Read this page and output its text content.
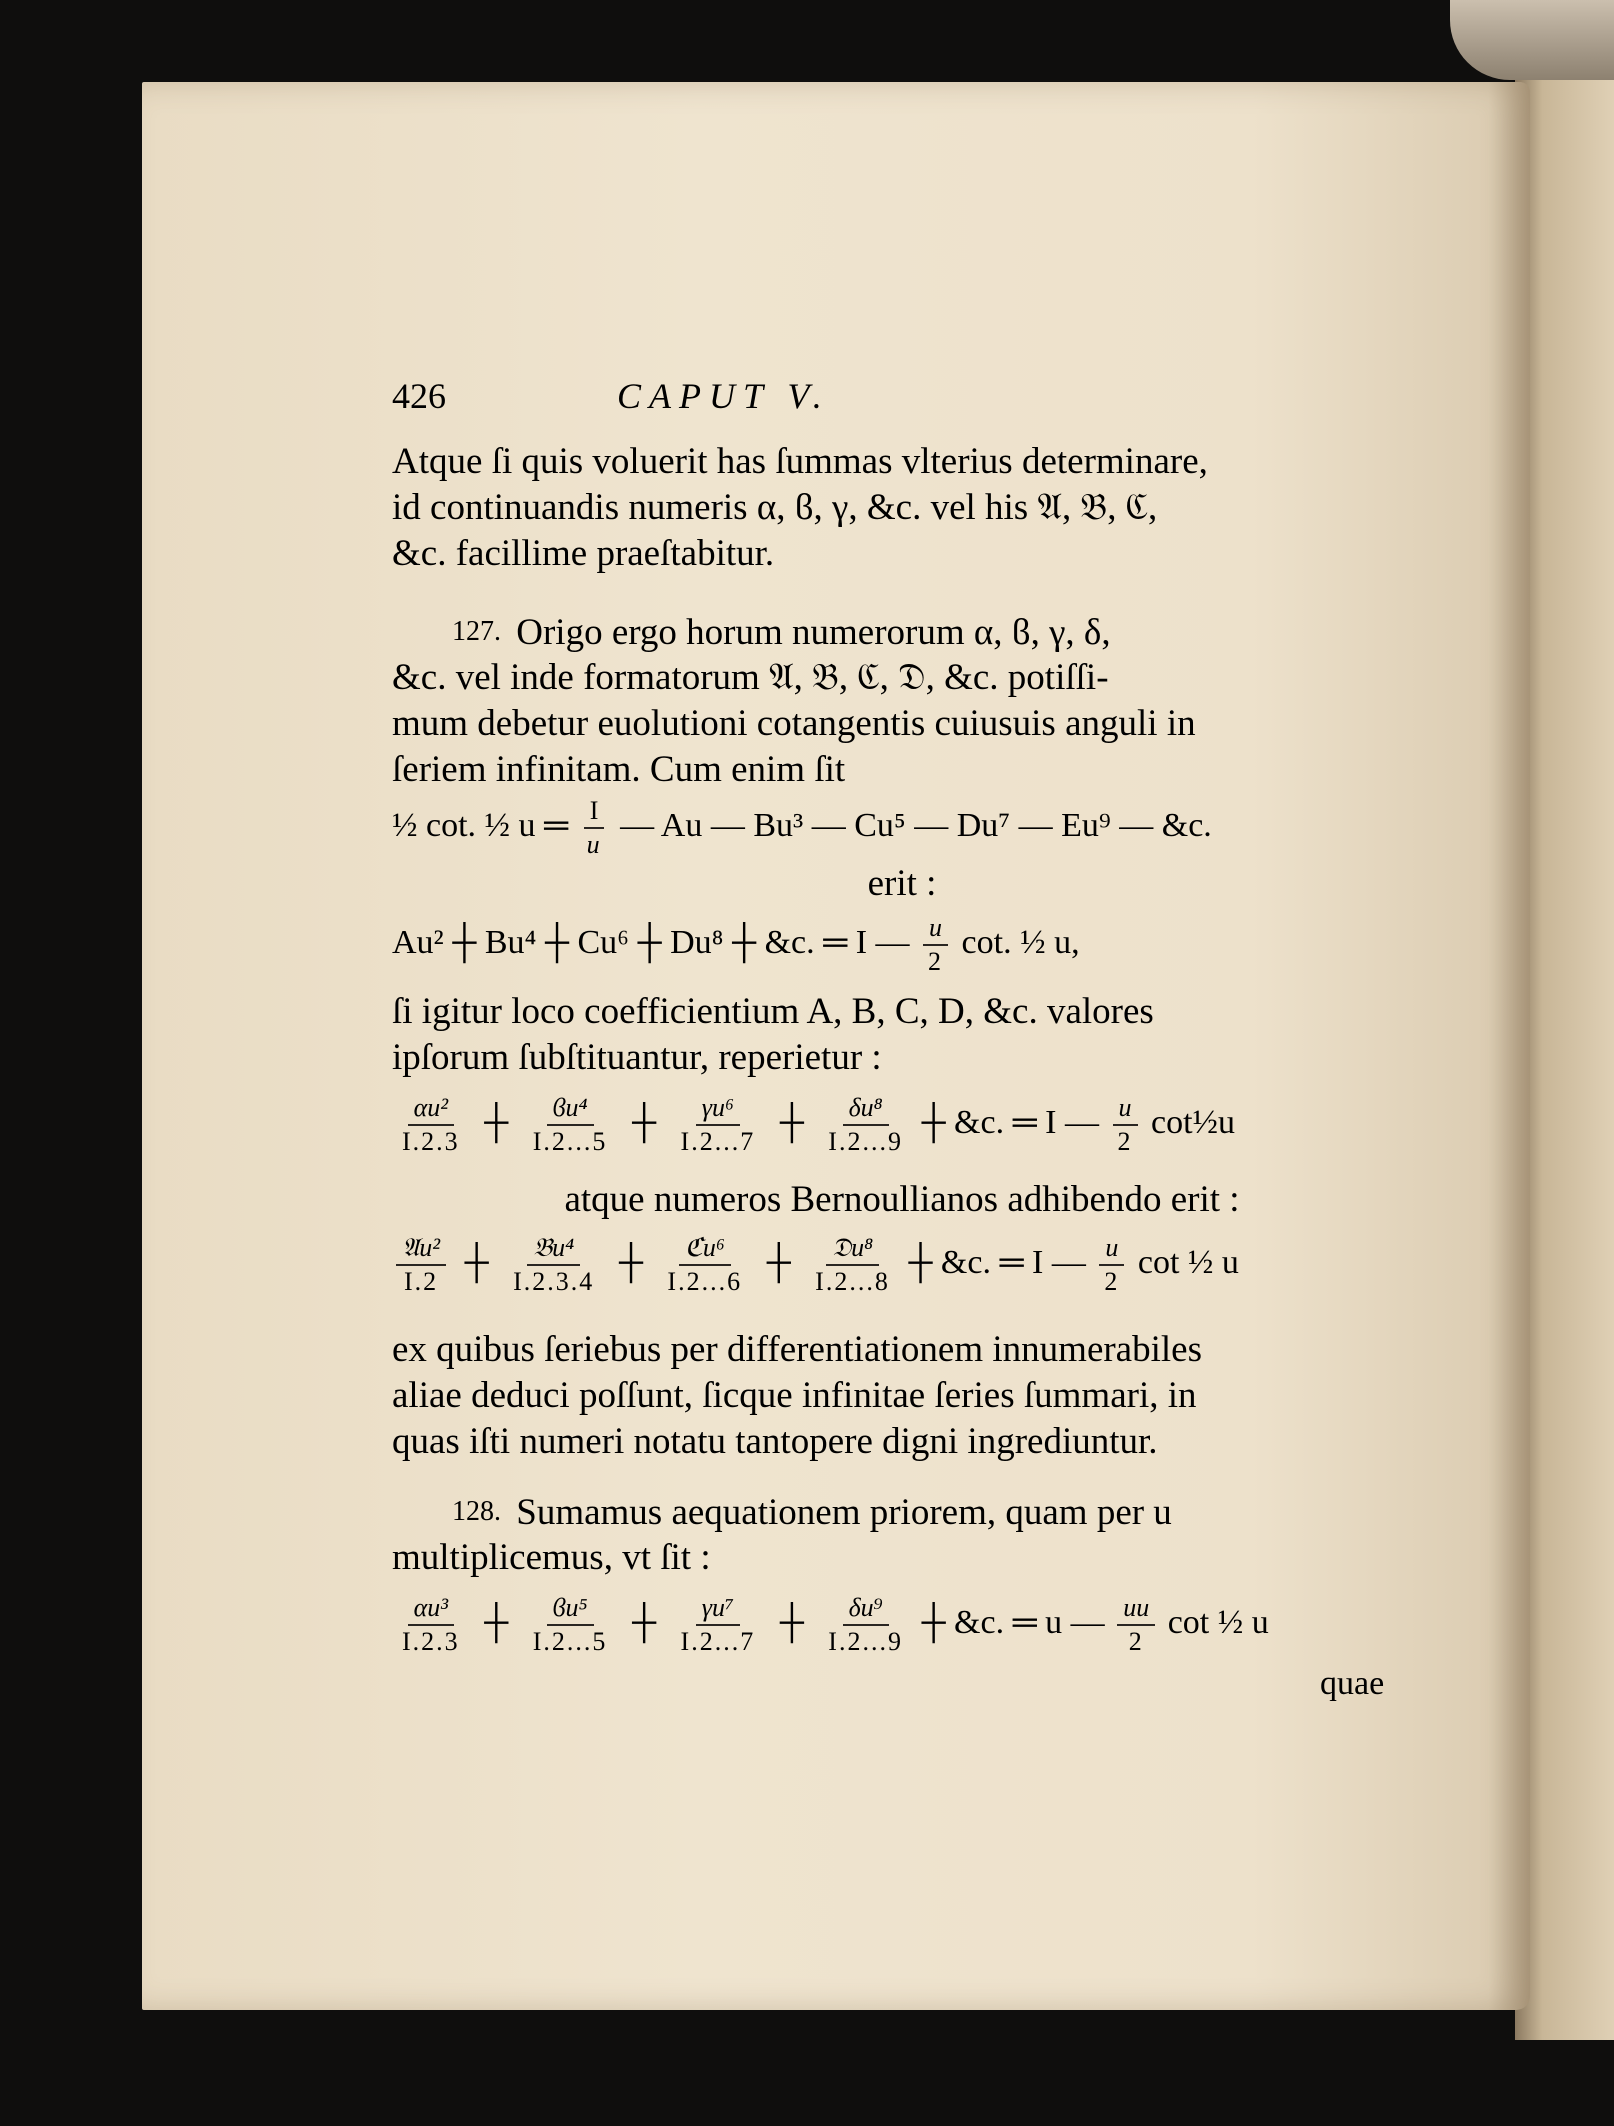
426	CAPUT V.
Atque ſi quis voluerit has ſummas vlterius determinare,
id continuandis numeris α, ϐ, γ, &c. vel his 𝔄, 𝔅, ℭ,
&c. facillime praeſtabitur.
127. Origo ergo horum numerorum α, ϐ, γ, δ,
&c. vel inde formatorum 𝔄, 𝔅, ℭ, 𝔇, &c. potiſſi-
mum debetur euolutioni cotangentis cuiusuis anguli in
ſeriem infinitam. Cum enim ſit
½ cot. ½ u ═ $\frac{I}{u}$ — Au — Bu³ — Cu⁵ — Du⁷ — Eu⁹ — &c.
erit :
Au² ┼ Bu⁴ ┼ Cu⁶ ┼ Du⁸ ┼ &c. ═ I — $\frac{u}{2} \cot$. ½ u,
ſi igitur loco coefficientium A, B, C, D, &c. valores
ipſorum ſubſtituantur, reperietur :
$\frac{\text{αu²}}{I.2.3}$ ┼ $\frac{\text{ϐu⁴}}{I.2...5}$ ┼ $\frac{\text{γu⁶}}{I.2...7}$ ┼ $\frac{\text{δu⁸}}{I.2...9}$ ┼ &c. ═ I — $\frac{u}{2}$ cot½u
atque numeros Bernoullianos adhibendo erit :
𝔄u²
I.2
┼ 𝔅u⁴
I.2.3.4
┼ ℭu⁶
I.2...6
┼ 𝔇u⁸
I.2...8
┼ &c. ═ I — $\frac{u}{2}$ cot ½ u
ex quibus ſeriebus per differentiationem innumerabiles
aliae deduci poſſunt, ſicque infinitae ſeries ſummari, in
quas iſti numeri notatu tantopere digni ingrediuntur.
128. Sumamus aequationem priorem, quam per u
multiplicemus, vt ſit :
$\frac{\text{αu³}}{I.2.3}$ ┼ $\frac{\text{ϐu⁵}}{I.2...5}$ ┼ $\frac{\text{γu⁷}}{I.2...7}$ ┼ $\frac{\text{δu⁹}}{I.2...9}$ ┼ &c. ═ u — $\frac{uu}{2}$ cot ½ u
quae
